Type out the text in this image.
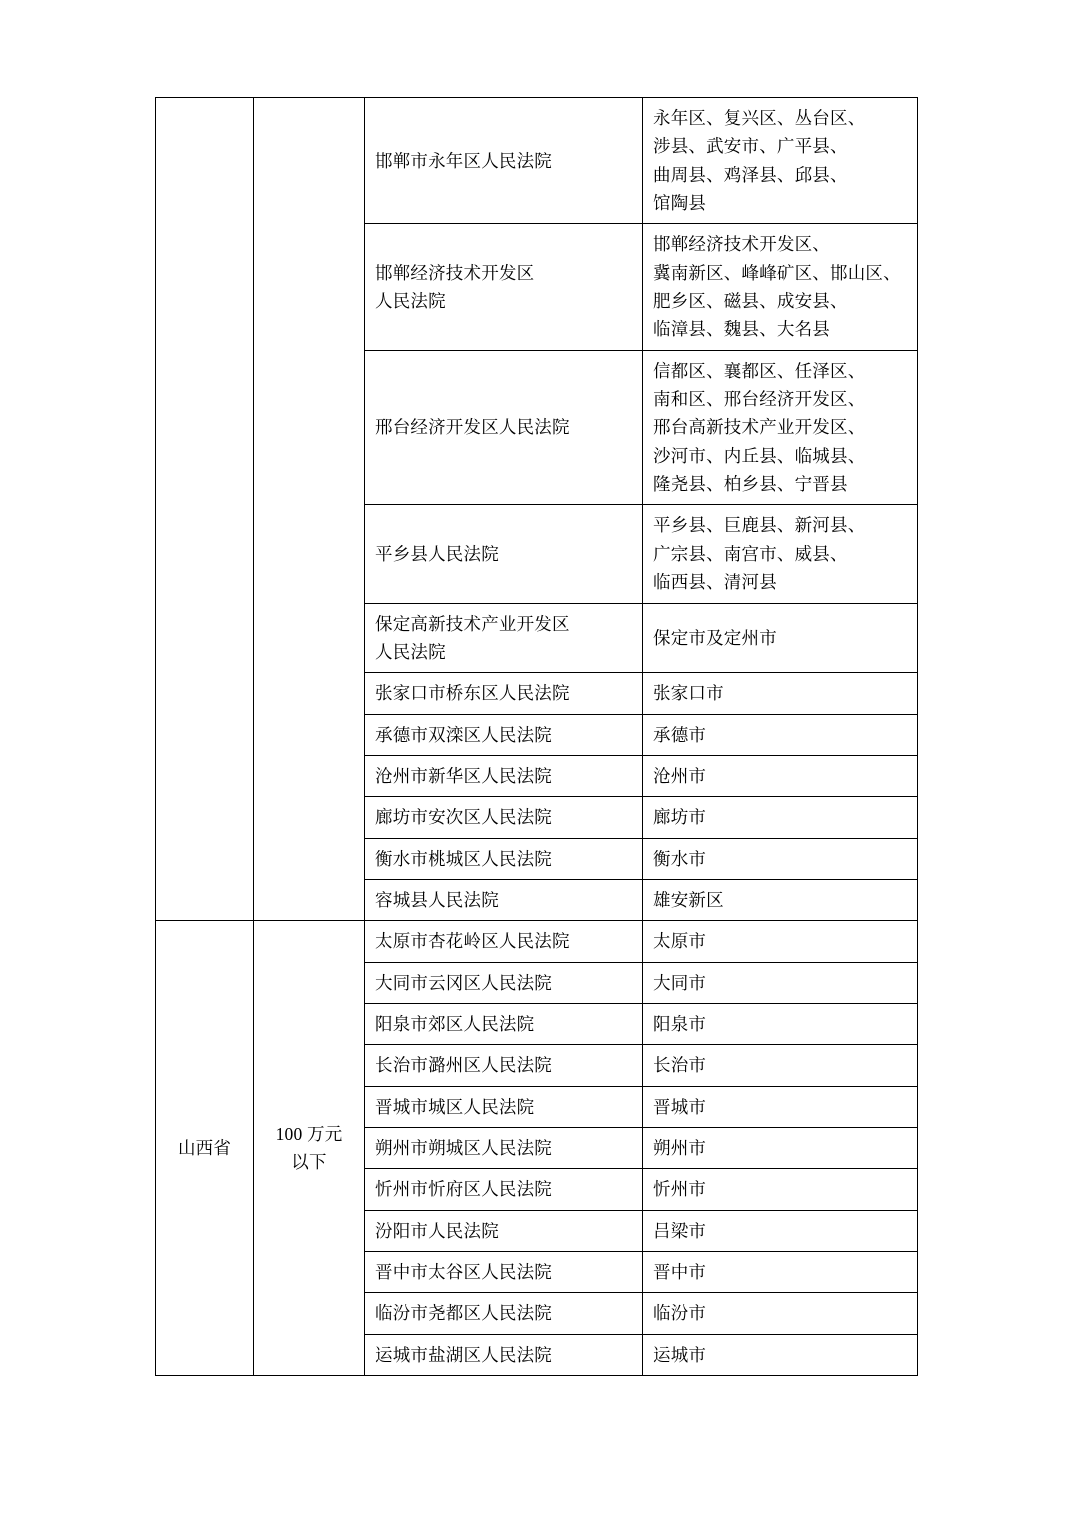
		邯郸市永年区人民法院	永年区、复兴区、丛台区、
涉县、武安市、广平县、
曲周县、鸡泽县、邱县、
馆陶县

		邯郸经济技术开发区
人民法院	邯郸经济技术开发区、
冀南新区、峰峰矿区、邯山区、
肥乡区、磁县、成安县、
临漳县、魏县、大名县

		邢台经济开发区人民法院	信都区、襄都区、任泽区、
南和区、邢台经济开发区、
邢台高新技术产业开发区、
沙河市、内丘县、临城县、
隆尧县、柏乡县、宁晋县

		平乡县人民法院	平乡县、巨鹿县、新河县、
广宗县、南宫市、威县、
临西县、清河县

		保定高新技术产业开发区
人民法院	保定市及定州市

		张家口市桥东区人民法院	张家口市

		承德市双滦区人民法院	承德市

		沧州市新华区人民法院	沧州市

		廊坊市安次区人民法院	廊坊市

		衡水市桃城区人民法院	衡水市

		容城县人民法院	雄安新区

山西省	100 万元
以下	太原市杏花岭区人民法院	太原市

		大同市云冈区人民法院	大同市

		阳泉市郊区人民法院	阳泉市

		长治市潞州区人民法院	长治市

		晋城市城区人民法院	晋城市

		朔州市朔城区人民法院	朔州市

		忻州市忻府区人民法院	忻州市

		汾阳市人民法院	吕梁市

		晋中市太谷区人民法院	晋中市

		临汾市尧都区人民法院	临汾市

		运城市盐湖区人民法院	运城市
